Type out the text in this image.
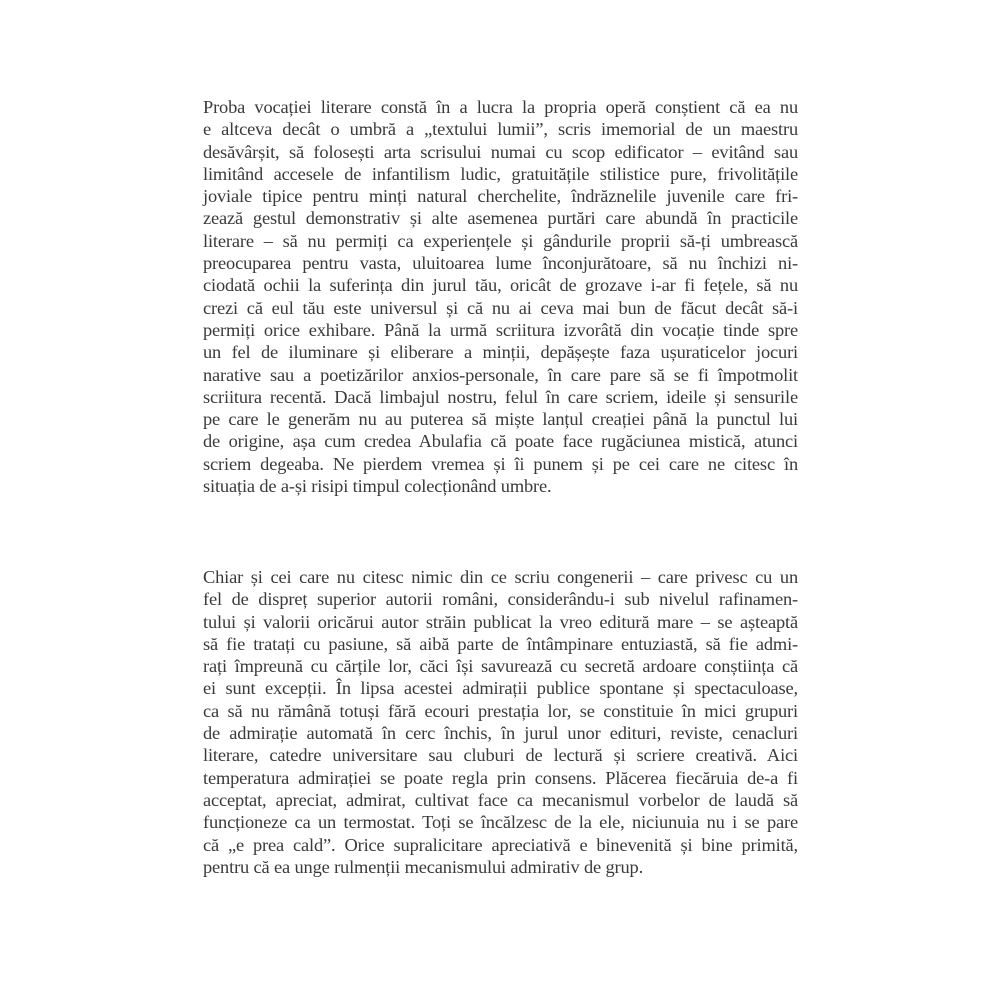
Proba vocației literare constă în a lucra la propria operă conștient că ea nu
e altceva decât o umbră a „textului lumii”, scris imemorial de un maestru
desăvârșit, să folosești arta scrisului numai cu scop edificator – evitând sau
limitând accesele de infantilism ludic, gratuitățile stilistice pure, frivolitățile
joviale tipice pentru minți natural cherchelite, îndrăznelile juvenile care fri-
zează gestul demonstrativ și alte asemenea purtări care abundă în practicile
literare – să nu permiți ca experiențele și gândurile proprii să-ți umbrească
preocuparea pentru vasta, uluitoarea lume înconjurătoare, să nu închizi ni-
ciodată ochii la suferința din jurul tău, oricât de grozave i-ar fi fețele, să nu
crezi că eul tău este universul și că nu ai ceva mai bun de făcut decât să-i
permiți orice exhibare. Până la urmă scriitura izvorâtă din vocație tinde spre
un fel de iluminare și eliberare a minții, depășește faza ușuraticelor jocuri
narative sau a poetizărilor anxios-personale, în care pare să se fi împotmolit
scriitura recentă. Dacă limbajul nostru, felul în care scriem, ideile și sensurile
pe care le generăm nu au puterea să miște lanțul creației până la punctul lui
de origine, așa cum credea Abulafia că poate face rugăciunea mistică, atunci
scriem degeaba. Ne pierdem vremea și îi punem și pe cei care ne citesc în
situația de a-și risipi timpul colecționând umbre.
Chiar și cei care nu citesc nimic din ce scriu congenerii – care privesc cu un
fel de dispreț superior autorii români, considerându-i sub nivelul rafinamen-
tului și valorii oricărui autor străin publicat la vreo editură mare – se așteaptă
să fie tratați cu pasiune, să aibă parte de întâmpinare entuziastă, să fie admi-
rați împreună cu cărțile lor, căci își savurează cu secretă ardoare conștiința că
ei sunt excepții. În lipsa acestei admirații publice spontane și spectaculoase,
ca să nu rămână totuși fără ecouri prestația lor, se constituie în mici grupuri
de admirație automată în cerc închis, în jurul unor edituri, reviste, cenacluri
literare, catedre universitare sau cluburi de lectură și scriere creativă. Aici
temperatura admirației se poate regla prin consens. Plăcerea fiecăruia de-a fi
acceptat, apreciat, admirat, cultivat face ca mecanismul vorbelor de laudă să
funcționeze ca un termostat. Toți se încălzesc de la ele, niciunuia nu i se pare
că „e prea cald”. Orice supralicitare apreciativă e binevenită și bine primită,
pentru că ea unge rulmenții mecanismului admirativ de grup.
